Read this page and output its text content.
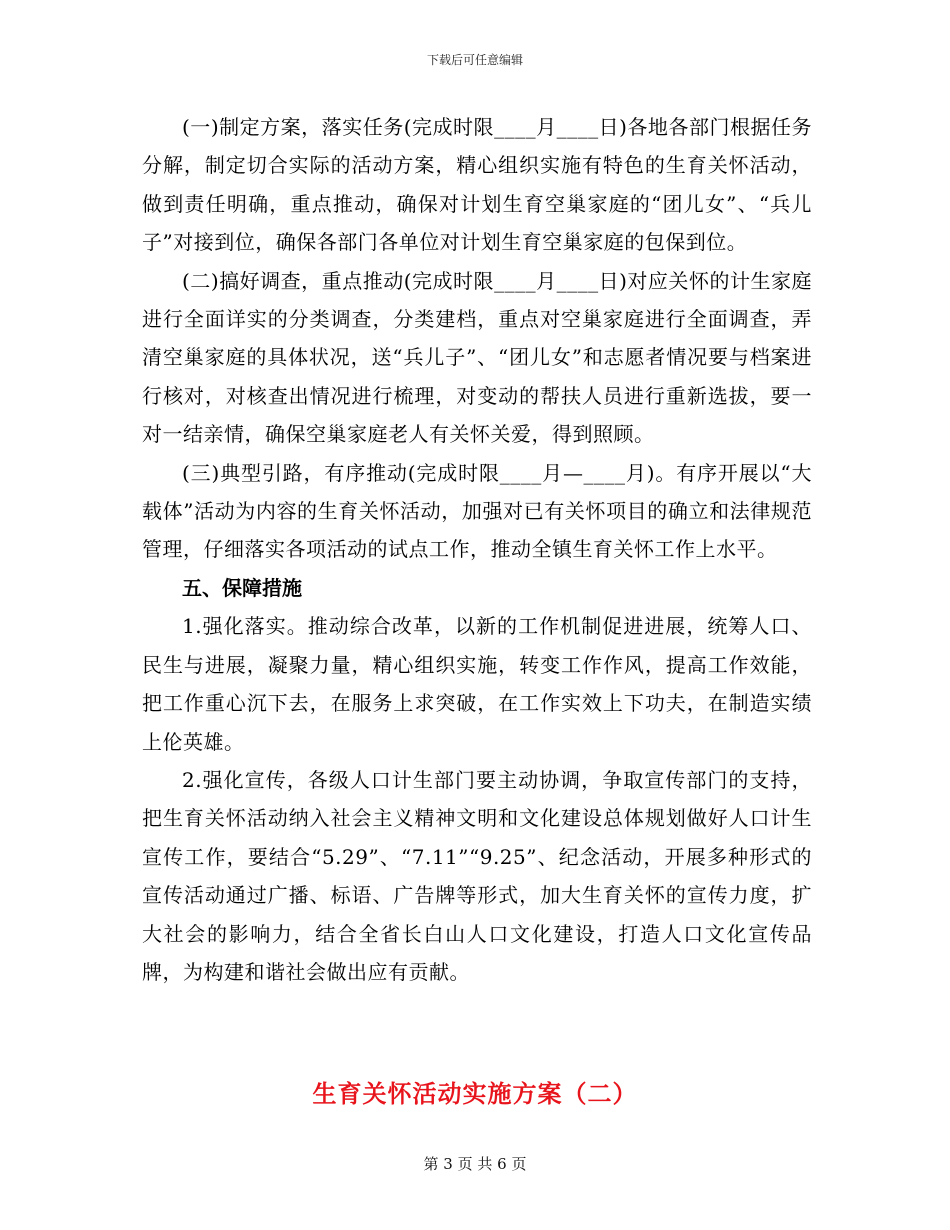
下载后可任意编辑

(一)制定方案，落实任务(完成时限____月____日)各地各部门根据任务分解，制定切合实际的活动方案，精心组织实施有特色的生育关怀活动，做到责任明确，重点推动，确保对计划生育空巢家庭的“团儿女”、“兵儿子”对接到位，确保各部门各单位对计划生育空巢家庭的包保到位。

(二)搞好调查，重点推动(完成时限____月____日)对应关怀的计生家庭进行全面详实的分类调查，分类建档，重点对空巢家庭进行全面调查，弄清空巢家庭的具体状况，送“兵儿子”、“团儿女”和志愿者情况要与档案进行核对，对核查出情况进行梳理，对变动的帮扶人员进行重新选拔，要一对一结亲情，确保空巢家庭老人有关怀关爱，得到照顾。

(三)典型引路，有序推动(完成时限____月—____月)。有序开展以“大载体”活动为内容的生育关怀活动，加强对已有关怀项目的确立和法律规范管理，仔细落实各项活动的试点工作，推动全镇生育关怀工作上水平。

五、保障措施

1.强化落实。推动综合改革，以新的工作机制促进进展，统筹人口、民生与进展，凝聚力量，精心组织实施，转变工作作风，提高工作效能，把工作重心沉下去，在服务上求突破，在工作实效上下功夫，在制造实绩上伦英雄。

2.强化宣传，各级人口计生部门要主动协调，争取宣传部门的支持，把生育关怀活动纳入社会主义精神文明和文化建设总体规划做好人口计生宣传工作，要结合“5.29”、“7.11”“9.25”、纪念活动，开展多种形式的宣传活动通过广播、标语、广告牌等形式，加大生育关怀的宣传力度，扩大社会的影响力，结合全省长白山人口文化建设，打造人口文化宣传品牌，为构建和谐社会做出应有贡献。

生育关怀活动实施方案（二）
第 3 页 共 6 页
